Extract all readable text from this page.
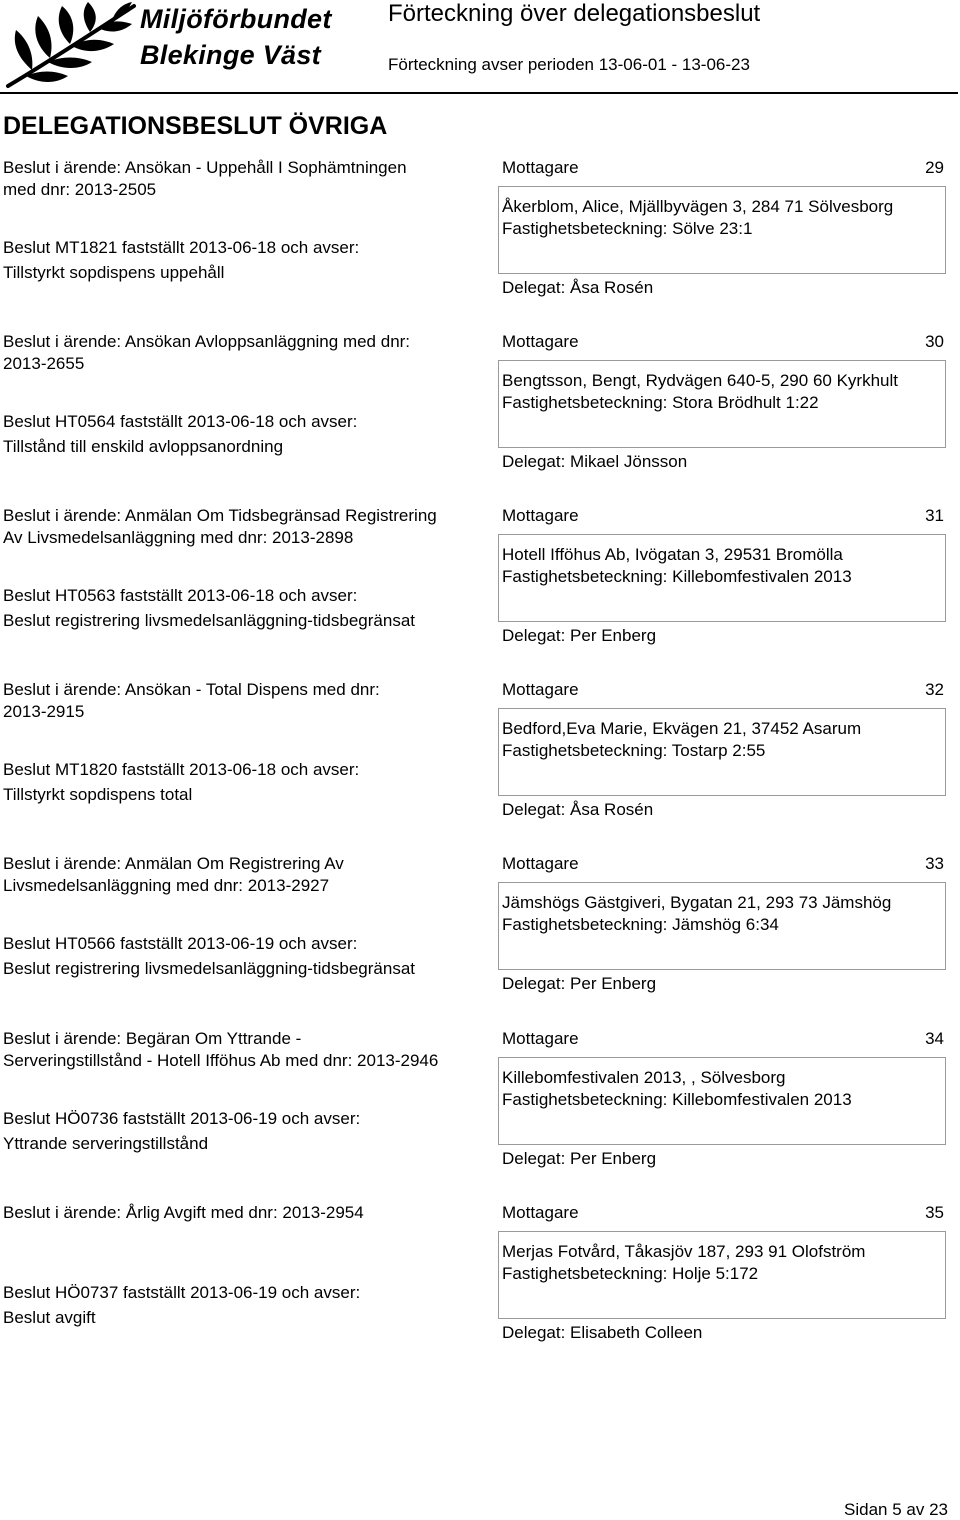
Miljöförbundet
Blekinge Väst
Förteckning över delegationsbeslut
Förteckning avser perioden 13-06-01 - 13-06-23
DELEGATIONSBESLUT ÖVRIGA
Beslut i ärende: Ansökan - Uppehåll I Sophämtningen
med dnr: 2013-2505
Beslut MT1821 fastställt 2013-06-18 och avser:
Tillstyrkt sopdispens uppehåll
Mottagare	29
Åkerblom, Alice, Mjällbyvägen 3, 284 71 Sölvesborg
Fastighetsbeteckning: Sölve 23:1
Delegat: Åsa Rosén
Beslut i ärende: Ansökan Avloppsanläggning med dnr:
2013-2655
Beslut HT0564 fastställt 2013-06-18 och avser:
Tillstånd till enskild avloppsanordning
Mottagare	30
Bengtsson, Bengt, Rydvägen 640-5, 290 60 Kyrkhult
Fastighetsbeteckning: Stora Brödhult 1:22
Delegat: Mikael Jönsson
Beslut i ärende: Anmälan Om Tidsbegränsad Registrering
Av Livsmedelsanläggning med dnr: 2013-2898
Beslut HT0563 fastställt 2013-06-18 och avser:
Beslut registrering livsmedelsanläggning-tidsbegränsat
Mottagare	31
Hotell Ifföhus Ab, Ivögatan 3, 29531 Bromölla
Fastighetsbeteckning: Killebomfestivalen 2013
Delegat: Per Enberg
Beslut i ärende: Ansökan - Total Dispens med dnr:
2013-2915
Beslut MT1820 fastställt 2013-06-18 och avser:
Tillstyrkt sopdispens total
Mottagare	32
Bedford,Eva Marie, Ekvägen 21, 37452 Asarum
Fastighetsbeteckning: Tostarp 2:55
Delegat: Åsa Rosén
Beslut i ärende: Anmälan Om Registrering Av
Livsmedelsanläggning med dnr: 2013-2927
Beslut HT0566 fastställt 2013-06-19 och avser:
Beslut registrering livsmedelsanläggning-tidsbegränsat
Mottagare	33
Jämshögs Gästgiveri, Bygatan 21, 293 73 Jämshög
Fastighetsbeteckning: Jämshög 6:34
Delegat: Per Enberg
Beslut i ärende: Begäran Om Yttrande -
Serveringstillstånd - Hotell Ifföhus Ab med dnr: 2013-2946
Beslut HÖ0736 fastställt 2013-06-19 och avser:
Yttrande serveringstillstånd
Mottagare	34
Killebomfestivalen 2013, , Sölvesborg
Fastighetsbeteckning: Killebomfestivalen 2013
Delegat: Per Enberg
Beslut i ärende: Årlig Avgift med dnr: 2013-2954
Beslut HÖ0737 fastställt 2013-06-19 och avser:
Beslut avgift
Mottagare	35
Merjas Fotvård, Tåkasjöv 187, 293 91 Olofström
Fastighetsbeteckning: Holje 5:172
Delegat: Elisabeth Colleen
Sidan 5 av 23
